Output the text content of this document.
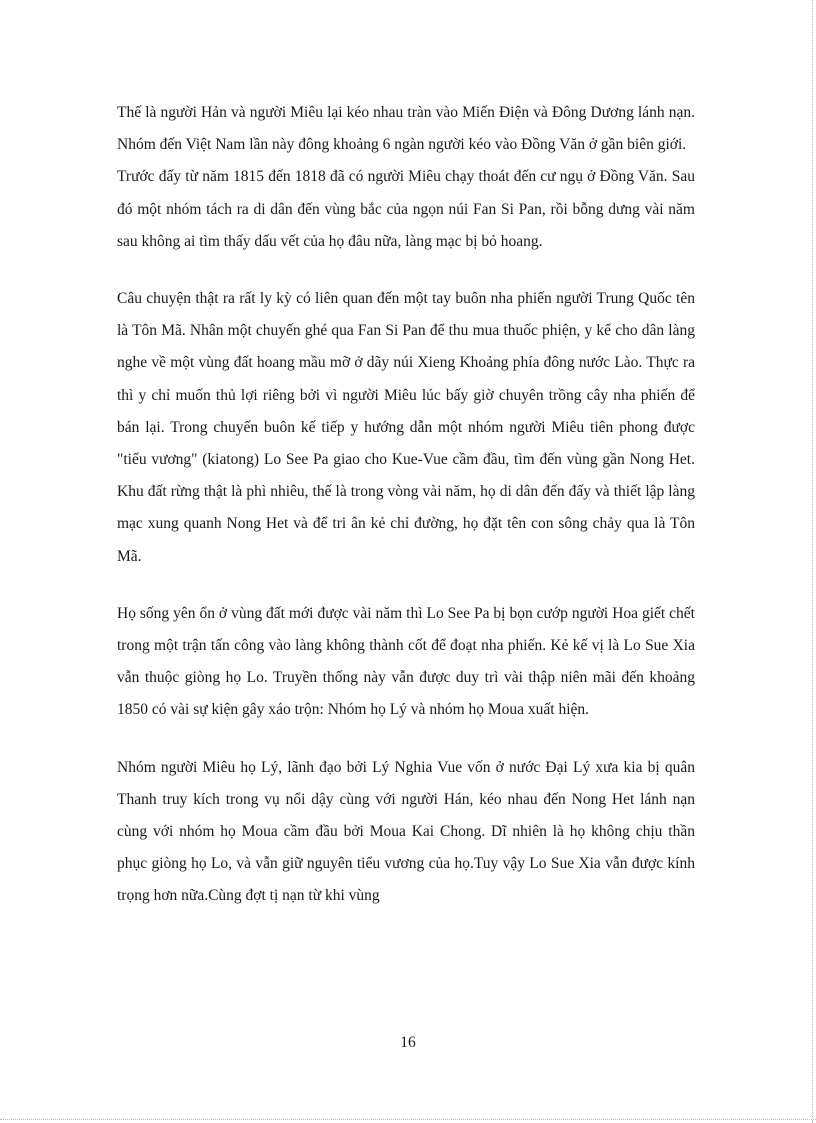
Thế là người Hản và người Miêu lại kéo nhau tràn vào Miến Điện và Đông Dương lánh nạn. Nhóm đến Việt Nam lần này đông khoảng 6 ngàn người kéo vào Đồng Văn ở gần biên giới.

Trước đấy từ năm 1815 đến 1818 đã có người Miêu chạy thoát đến cư ngụ ở Đồng Văn. Sau đó một nhóm tách ra di dân đến vùng bắc của ngọn núi Fan Si Pan, rồi bỗng dưng vài năm sau không ai tìm thấy dấu vết của họ đâu nữa, làng mạc bị bỏ hoang.

Câu chuyện thật ra rất ly kỳ có liên quan đến một tay buôn nha phiến người Trung Quốc tên là Tôn Mã. Nhân một chuyến ghé qua Fan Si Pan để thu mua thuốc phiện, y kể cho dân làng nghe về một vùng đất hoang mầu mỡ ở dãy núi Xieng Khoảng phía đông nước Lào. Thực ra thì y chỉ muốn thủ lợi riêng bởi vì người Miêu lúc bấy giờ chuyên trồng cây nha phiến để bán lại. Trong chuyến buôn kế tiếp y hướng dẫn một nhóm người Miêu tiên phong được "tiểu vương" (kiatong) Lo See Pa giao cho Kue-Vue cầm đầu, tìm đến vùng gần Nong Het. Khu đất rừng thật là phì nhiêu, thế là trong vòng vài năm, họ di dân đến đấy và thiết lập làng mạc xung quanh Nong Het và để tri ân kẻ chỉ đường, họ đặt tên con sông chảy qua là Tôn Mã.

Họ sống yên ổn ở vùng đất mới được vài năm thì Lo See Pa bị bọn cướp người Hoa giết chết trong một trận tấn công vào làng không thành cốt để đoạt nha phiến. Kẻ kế vị là Lo Sue Xia vẫn thuộc giòng họ Lo. Truyền thống này vẫn được duy trì vài thập niên mãi đến khoảng 1850 có vài sự kiện gây xáo trộn: Nhóm họ Lý và nhóm họ Moua xuất hiện.

Nhóm người Miêu họ Lý, lãnh đạo bởi Lý Nghia Vue vốn ở nước Đại Lý xưa kia bị quân Thanh truy kích trong vụ nổi dậy cùng với người Hán, kéo nhau đến Nong Het lánh nạn cùng với nhóm họ Moua cầm đầu bởi Moua Kai Chong. Dĩ nhiên là họ không chịu thần phục giòng họ Lo, và vẫn giữ nguyên tiểu vương của họ.Tuy vậy Lo Sue Xia vẫn được kính trọng hơn nữa.Cùng đợt tị nạn từ khi vùng

16
